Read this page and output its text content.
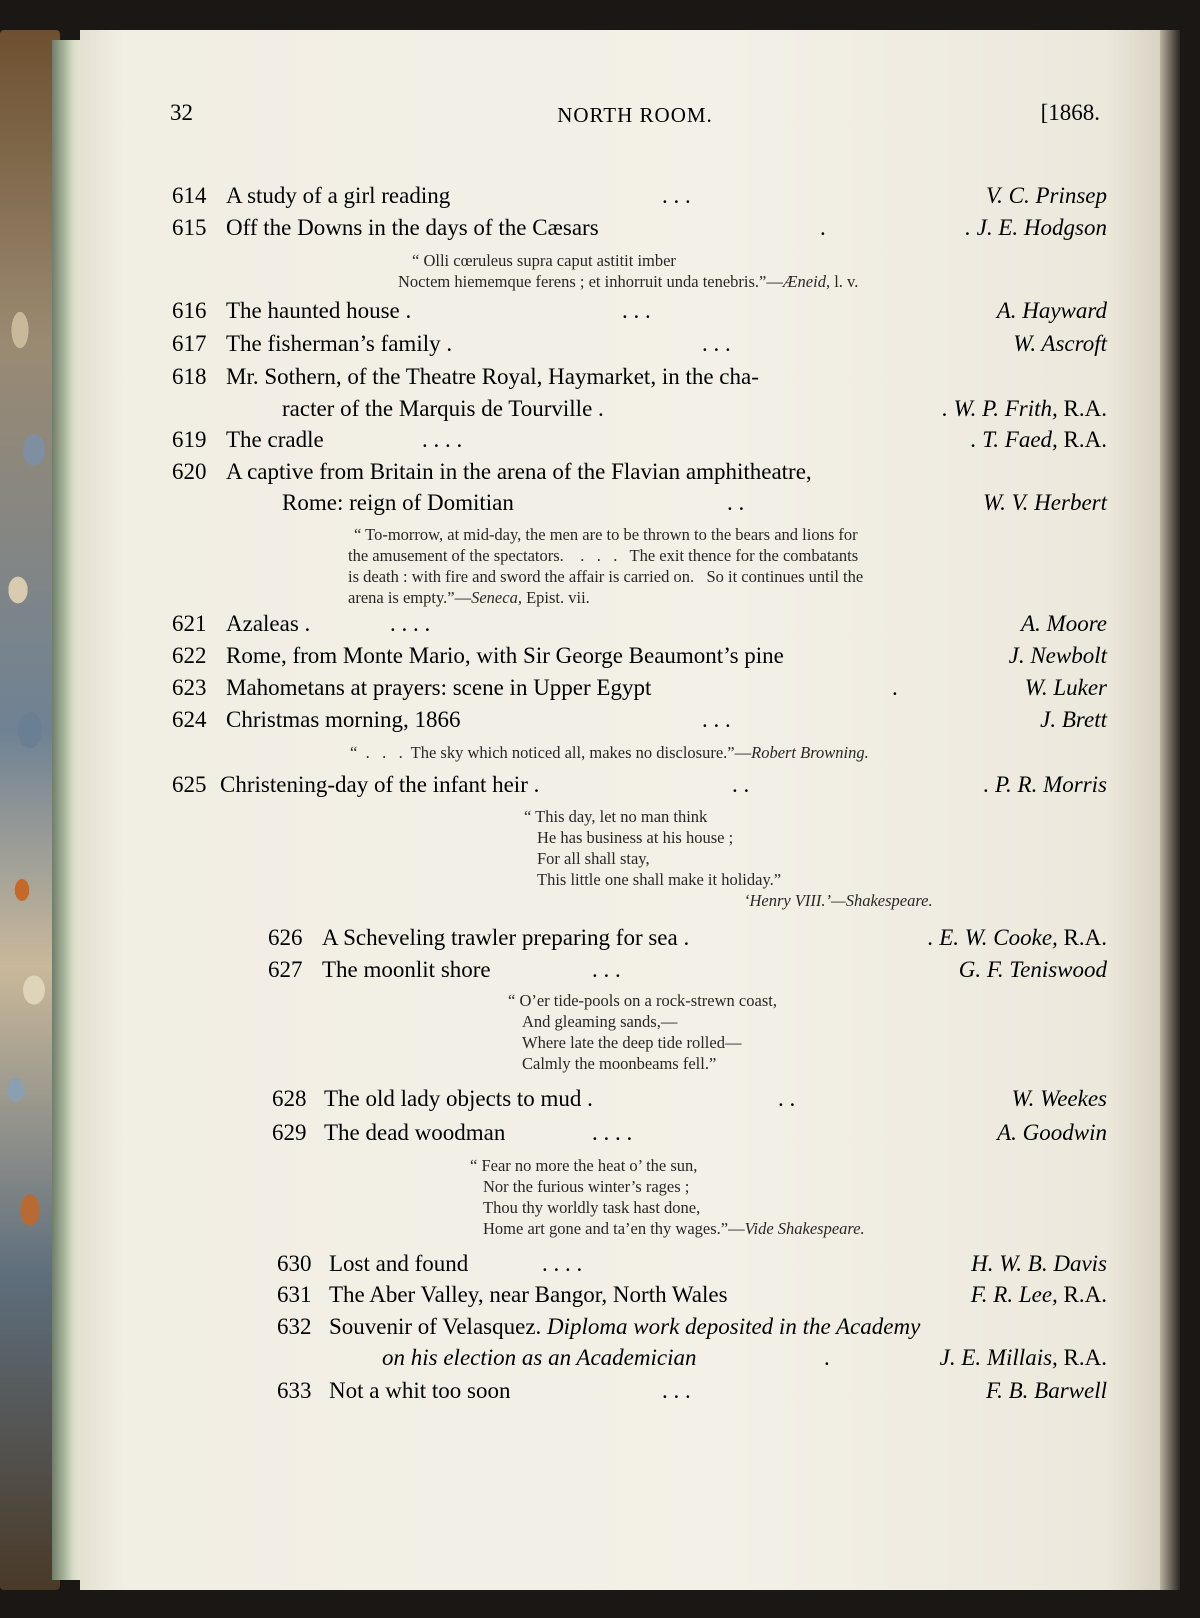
32	NORTH ROOM.	[1868.
614 A study of a girl reading	. . .	V. C. Prinsep
615 Off the Downs in the days of the Cæsars	.	. J. E. Hodgson
“ Olli cœruleus supra caput astitit imber
Noctem hiememque ferens ; et inhorruit unda tenebris.”—Æneid, l. v.
616 The haunted house .	. . .	A. Hayward
617 The fisherman’s family .	. . .	W. Ascroft
618 Mr. Sothern, of the Theatre Royal, Haymarket, in the cha-
racter of the Marquis de Tourville .	. W. P. Frith, R.A.
619 The cradle	. . . .	. T. Faed, R.A.
620 A captive from Britain in the arena of the Flavian amphitheatre,
Rome: reign of Domitian	. .	W. V. Herbert
“ To-morrow, at mid-day, the men are to be thrown to the bears and lions for
the amusement of the spectators.    .   .   .   The exit thence for the combatants
is death : with fire and sword the affair is carried on.   So it continues until the
arena is empty.”—Seneca, Epist. vii.
621 Azaleas .	. . . .	A. Moore
622 Rome, from Monte Mario, with Sir George Beaumont’s pine	J. Newbolt
623 Mahometans at prayers: scene in Upper Egypt	.	W. Luker
624 Christmas morning, 1866	. . .	J. Brett
“  .   .   .  The sky which noticed all, makes no disclosure.”—Robert Browning.
625 Christening-day of the infant heir .	. .	. P. R. Morris
“ This day, let no man think
He has business at his house ;
For all shall stay,
This little one shall make it holiday.”
‘Henry VIII.’—Shakespeare.
626 A Scheveling trawler preparing for sea .	. E. W. Cooke, R.A.
627 The moonlit shore	. . .	G. F. Teniswood
“ O’er tide-pools on a rock-strewn coast,
And gleaming sands,—
Where late the deep tide rolled—
Calmly the moonbeams fell.”
628 The old lady objects to mud .	. .	W. Weekes
629 The dead woodman	. . . .	A. Goodwin
“ Fear no more the heat o’ the sun,
Nor the furious winter’s rages ;
Thou thy worldly task hast done,
Home art gone and ta’en thy wages.”—Vide Shakespeare.
630 Lost and found	. . . .	H. W. B. Davis
631 The Aber Valley, near Bangor, North Wales	F. R. Lee, R.A.
632 Souvenir of Velasquez. Diploma work deposited in the Academy
on his election as an Academician	.	J. E. Millais, R.A.
633 Not a whit too soon	. . .	F. B. Barwell
